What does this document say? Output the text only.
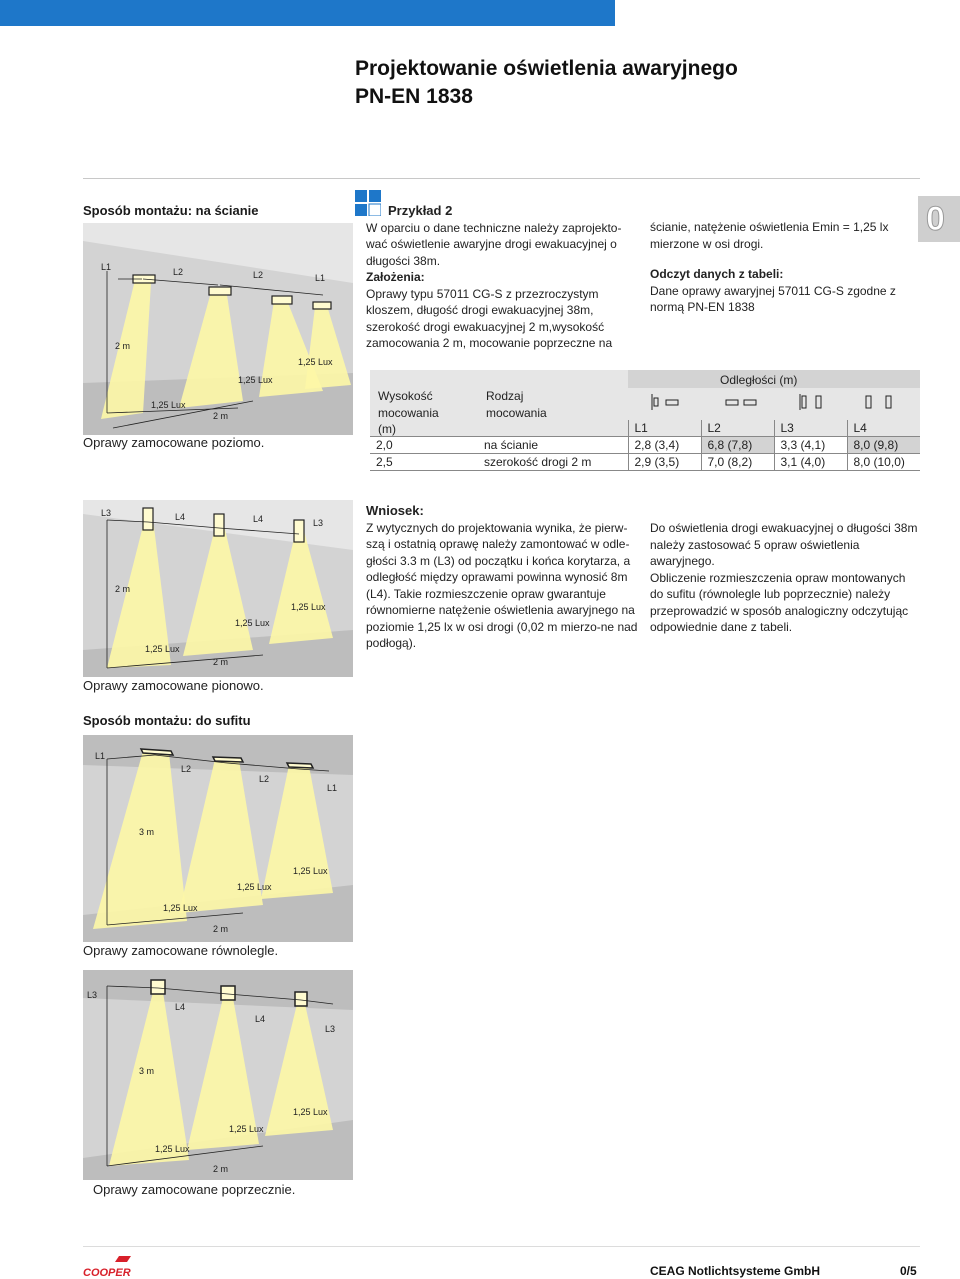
Projektowanie oświetlenia awaryjnego
PN-EN 1838
0
Sposób montażu: na ścianie
L1	L2	L2	L1
2 m
2 m
1,25 Lux
1,25 Lux
1,25 Lux
Oprawy zamocowane poziomo.
Przykład 2
W oparciu o dane techniczne należy zaprojekto-wać oświetlenie awaryjne drogi ewakuacyjnej o długości 38m.
Założenia:
Oprawy typu 57011 CG-S z przezroczystym kloszem, długość drogi ewakuacyjnej 38m, szerokość drogi ewakuacyjnej 2 m,wysokość zamocowania 2 m, mocowanie poprzeczne na
ścianie, natężenie oświetlenia Emin = 1,25 lx mierzone w osi drogi.
Odczyt danych z tabeli:
Dane oprawy awaryjnej 57011 CG-S zgodne z normą PN-EN 1838
Wysokość
mocowania
(m)
Rodzaj
mocowania
Odległości (m)
		L1	L2	L3	L4
2,0	na ścianie	2,8 (3,4)	6,8 (7,8)	3,3 (4,1)	8,0 (9,8)
2,5	szerokość drogi 2 m	2,9 (3,5)	7,0 (8,2)	3,1 (4,0)	8,0 (10,0)
L3	L4	L4	L3
2 m
2 m
1,25 Lux
1,25 Lux
1,25 Lux
Oprawy zamocowane pionowo.
Wniosek:
Z wytycznych do projektowania wynika, że pierw-szą i ostatnią oprawę należy zamontować w odle-głości 3.3 m (L3) od początku i końca korytarza, a odległość między oprawami powinna wynosić 8m (L4). Takie rozmieszczenie opraw gwarantuje równomierne natężenie oświetlenia awaryjnego na poziomie 1,25 lx w osi drogi (0,02 m mierzo-ne nad podłogą).
Do oświetlenia drogi ewakuacyjnej o długości 38m należy zastosować 5 opraw oświetlenia awaryjnego.
Obliczenie rozmieszczenia opraw montowanych do sufitu (równolegle lub poprzecznie) należy przeprowadzić w sposób analogiczny odczytując odpowiednie dane z tabeli.
Sposób montażu: do sufitu
L1
L2
L2
L1
3 m
2 m
1,25 Lux
1,25 Lux
1,25 Lux
Oprawy zamocowane równolegle.
L3
L4
L4
L3
3 m
2 m
1,25 Lux
1,25 Lux
1,25 Lux
Oprawy zamocowane poprzecznie.
COOPER	CEAG Notlichtsysteme GmbH	0/5
